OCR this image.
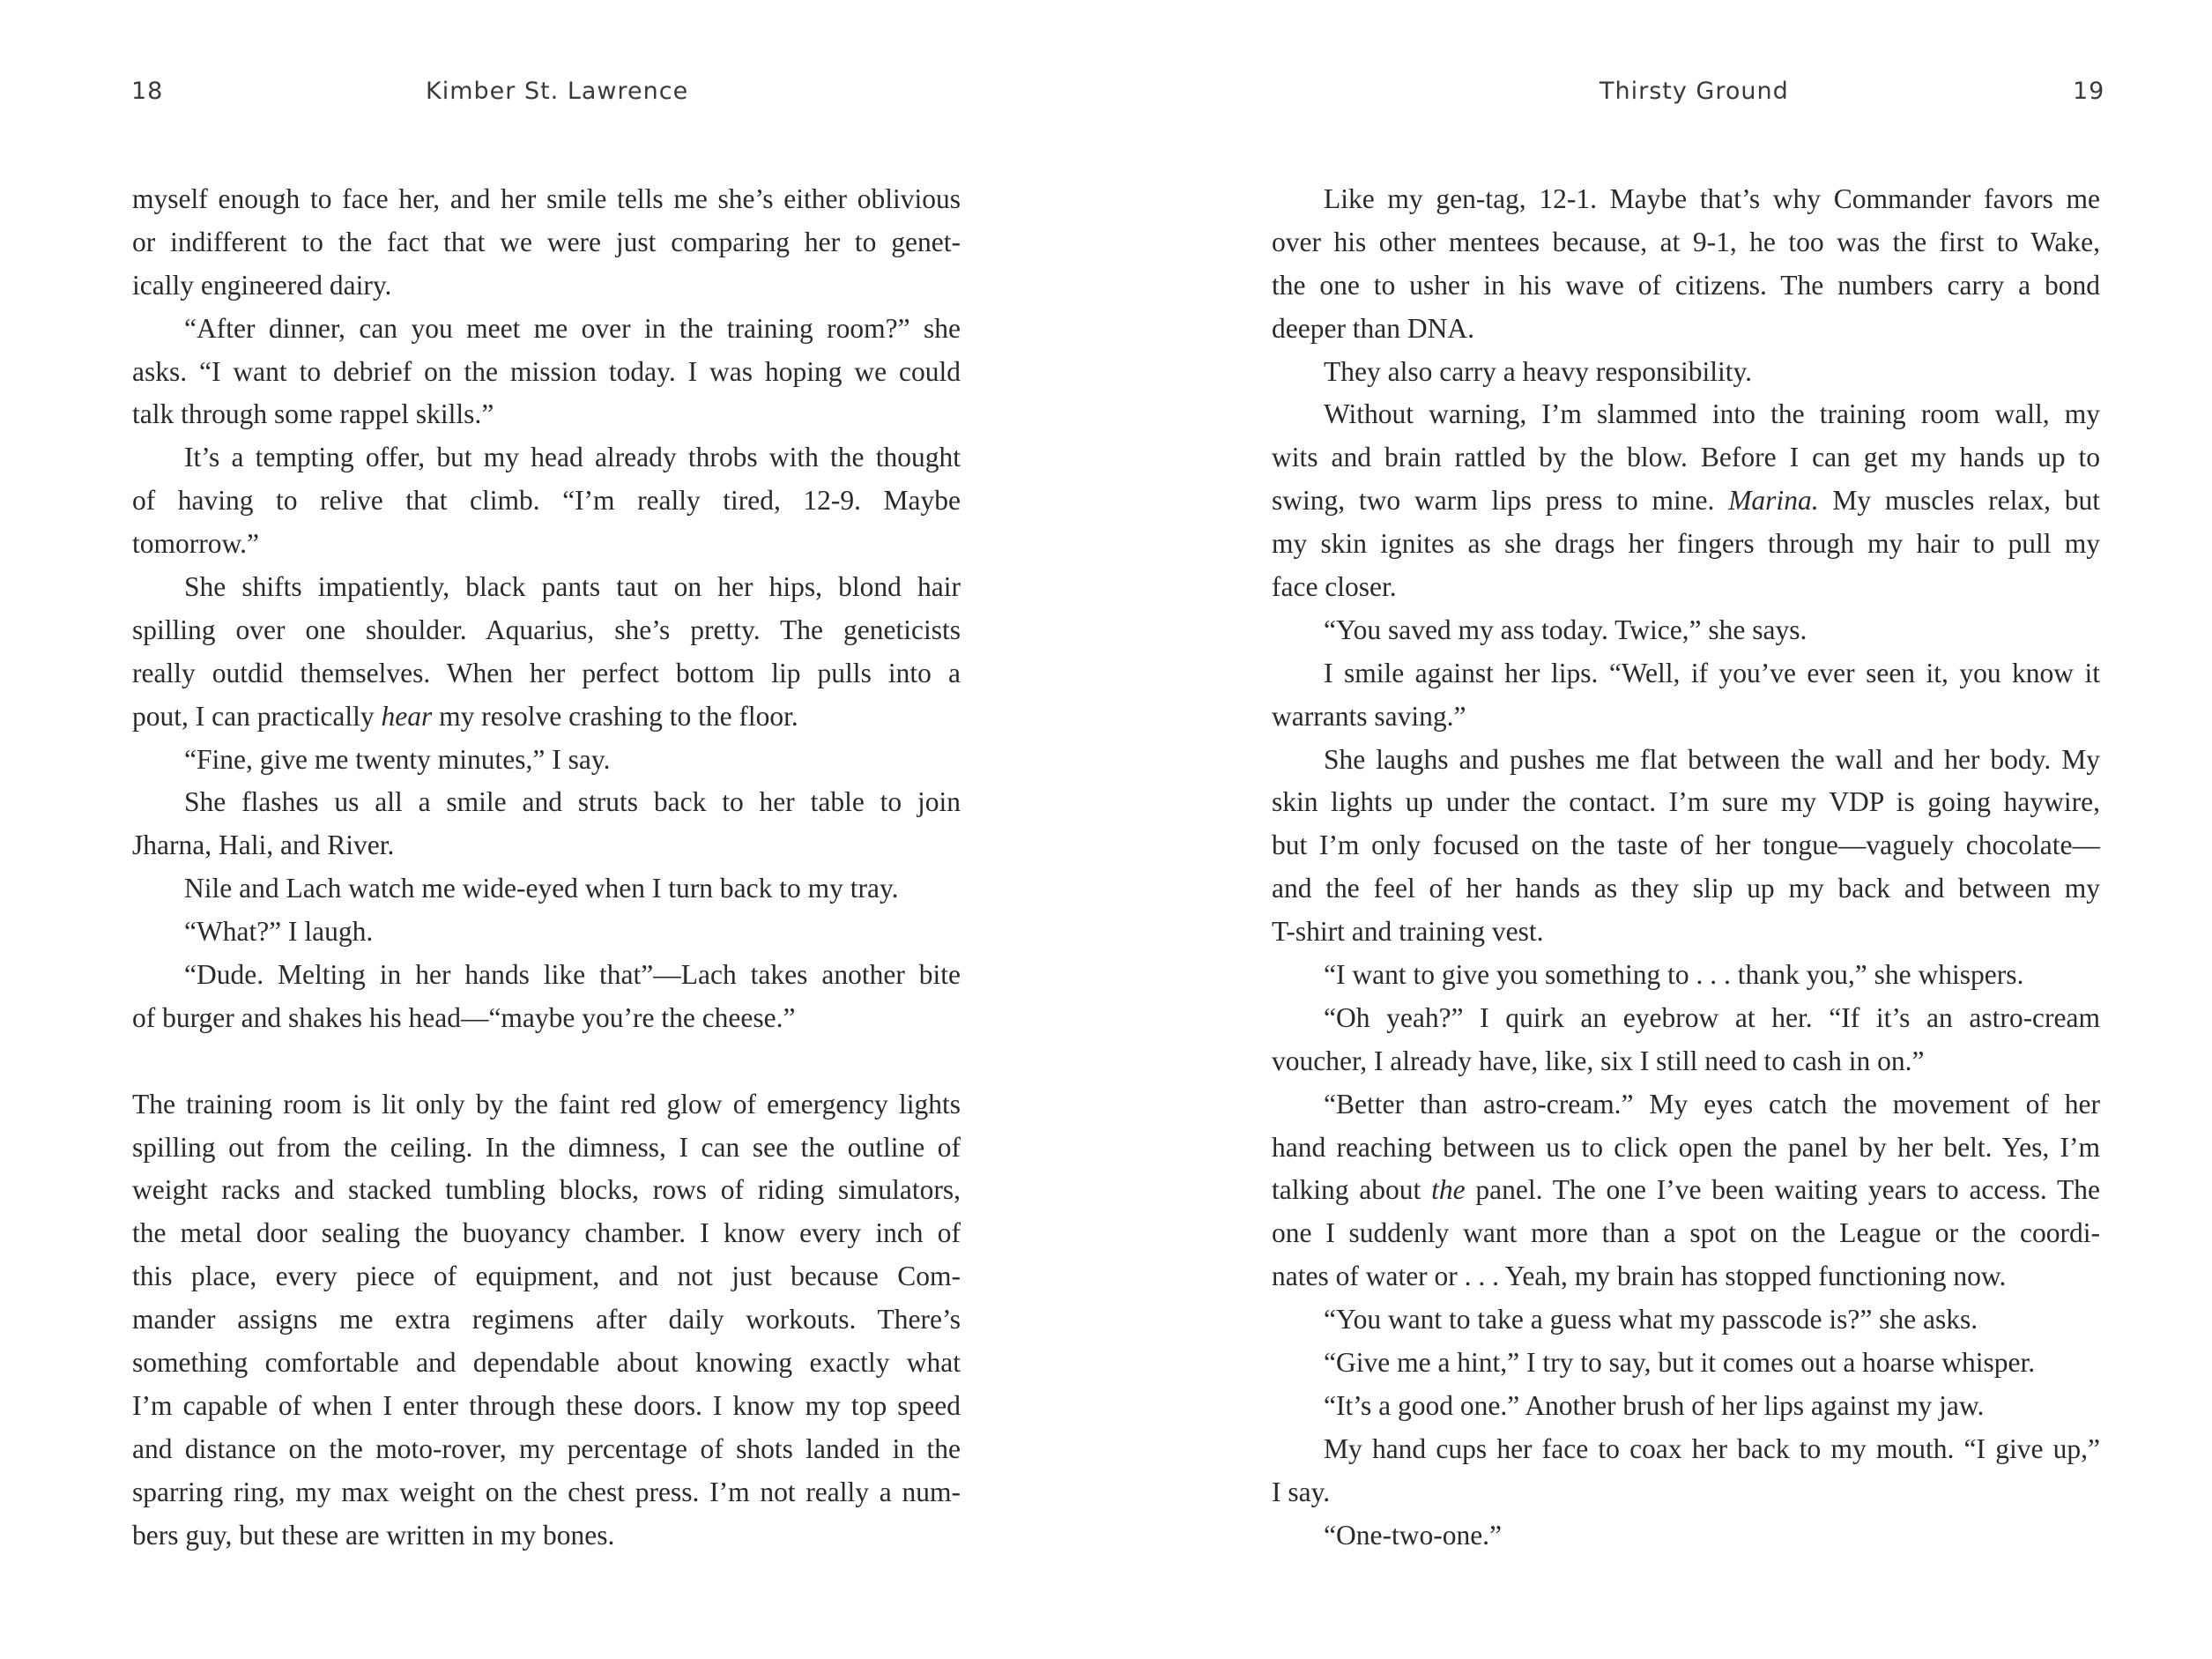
18	Kimber St. Lawrence
myself enough to face her, and her smile tells me she’s either oblivious
or indifferent to the fact that we were just comparing her to genet-
ically engineered dairy.
“After dinner, can you meet me over in the training room?” she
asks. “I want to debrief on the mission today. I was hoping we could
talk through some rappel skills.”
It’s a tempting offer, but my head already throbs with the thought
of having to relive that climb. “I’m really tired, 12-9. Maybe
tomorrow.”
She shifts impatiently, black pants taut on her hips, blond hair
spilling over one shoulder. Aquarius, she’s pretty. The geneticists
really outdid themselves. When her perfect bottom lip pulls into a
pout, I can practically hear my resolve crashing to the floor.
“Fine, give me twenty minutes,” I say.
She flashes us all a smile and struts back to her table to join
Jharna, Hali, and River.
Nile and Lach watch me wide-eyed when I turn back to my tray.
“What?” I laugh.
“Dude. Melting in her hands like that”—Lach takes another bite
of burger and shakes his head—“maybe you’re the cheese.”
The training room is lit only by the faint red glow of emergency lights
spilling out from the ceiling. In the dimness, I can see the outline of
weight racks and stacked tumbling blocks, rows of riding simulators,
the metal door sealing the buoyancy chamber. I know every inch of
this place, every piece of equipment, and not just because Com-
mander assigns me extra regimens after daily workouts. There’s
something comfortable and dependable about knowing exactly what
I’m capable of when I enter through these doors. I know my top speed
and distance on the moto-rover, my percentage of shots landed in the
sparring ring, my max weight on the chest press. I’m not really a num-
bers guy, but these are written in my bones.
Thirsty Ground	19
Like my gen-tag, 12-1. Maybe that’s why Commander favors me
over his other mentees because, at 9-1, he too was the first to Wake,
the one to usher in his wave of citizens. The numbers carry a bond
deeper than DNA.
They also carry a heavy responsibility.
Without warning, I’m slammed into the training room wall, my
wits and brain rattled by the blow. Before I can get my hands up to
swing, two warm lips press to mine. Marina. My muscles relax, but
my skin ignites as she drags her fingers through my hair to pull my
face closer.
“You saved my ass today. Twice,” she says.
I smile against her lips. “Well, if you’ve ever seen it, you know it
warrants saving.”
She laughs and pushes me flat between the wall and her body. My
skin lights up under the contact. I’m sure my VDP is going haywire,
but I’m only focused on the taste of her tongue—vaguely chocolate—
and the feel of her hands as they slip up my back and between my
T-shirt and training vest.
“I want to give you something to . . . thank you,” she whispers.
“Oh yeah?” I quirk an eyebrow at her. “If it’s an astro-cream
voucher, I already have, like, six I still need to cash in on.”
“Better than astro-cream.” My eyes catch the movement of her
hand reaching between us to click open the panel by her belt. Yes, I’m
talking about the panel. The one I’ve been waiting years to access. The
one I suddenly want more than a spot on the League or the coordi-
nates of water or . . . Yeah, my brain has stopped functioning now.
“You want to take a guess what my passcode is?” she asks.
“Give me a hint,” I try to say, but it comes out a hoarse whisper.
“It’s a good one.” Another brush of her lips against my jaw.
My hand cups her face to coax her back to my mouth. “I give up,”
I say.
“One-two-one.”
